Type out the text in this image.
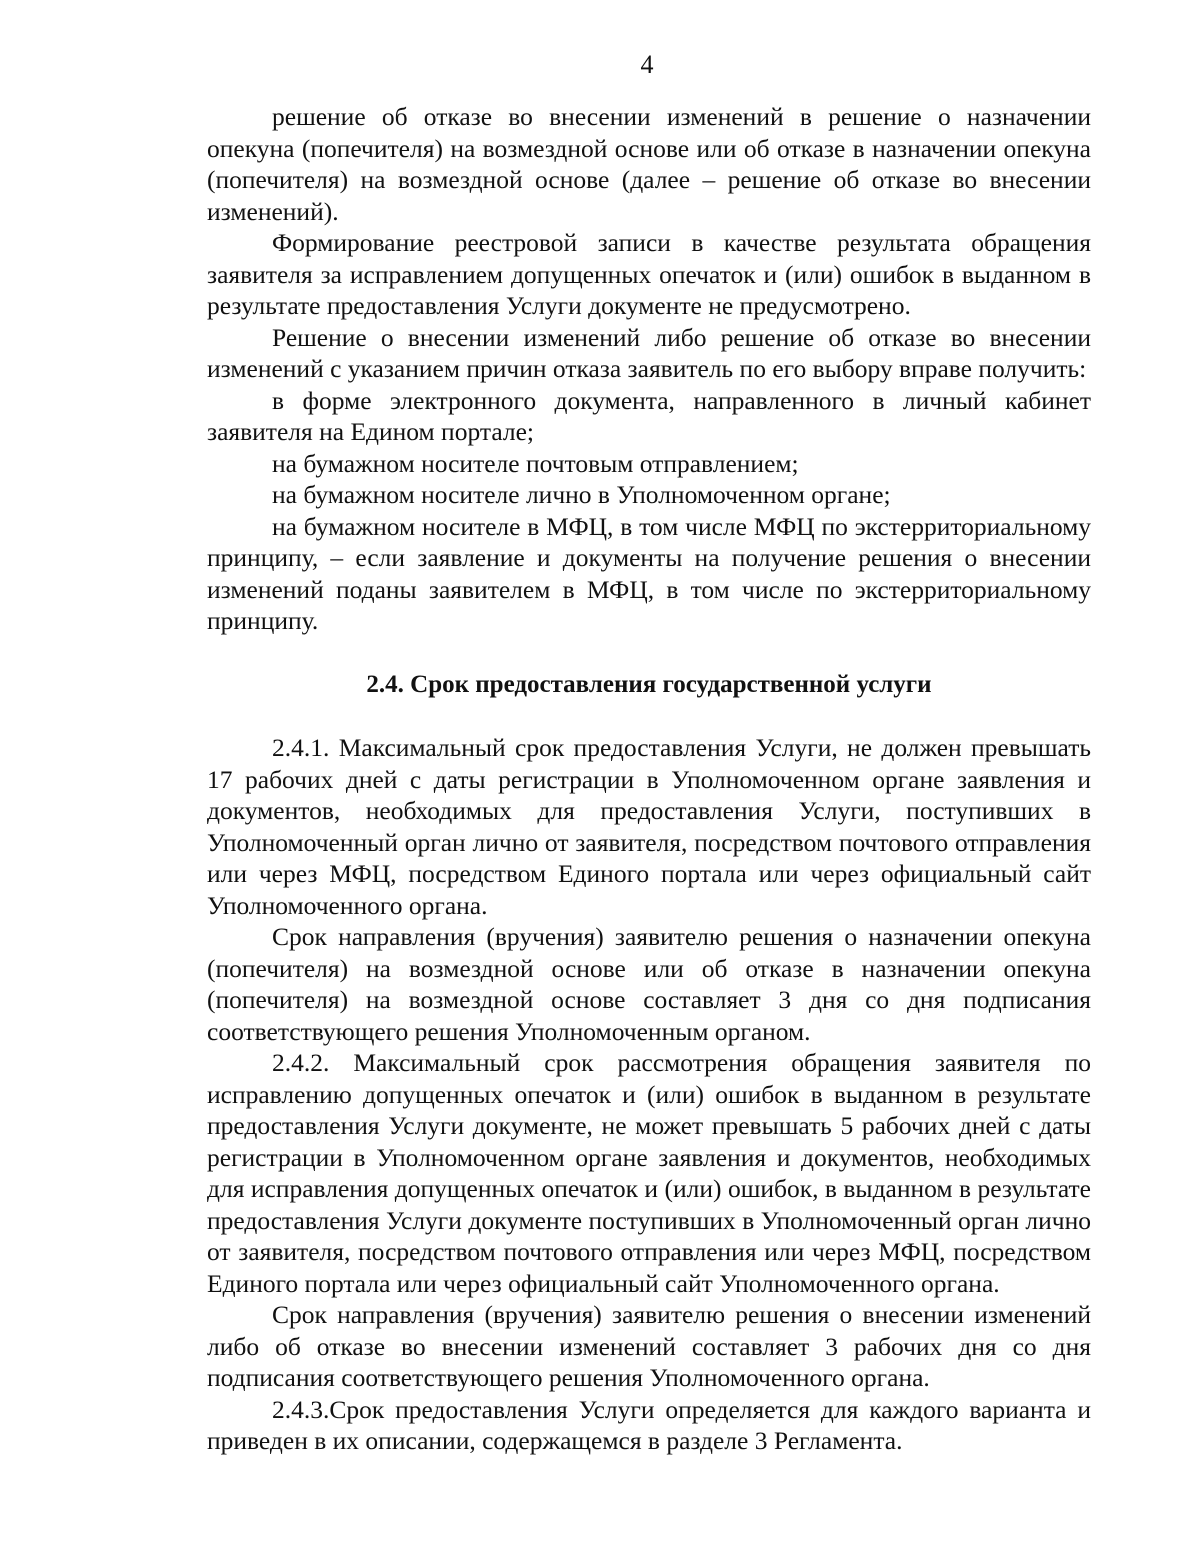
4

решение об отказе во внесении изменений в решение о назначении опекуна (попечителя) на возмездной основе или об отказе в назначении опекуна (попечителя) на возмездной основе (далее – решение об отказе во внесении изменений).

Формирование реестровой записи в качестве результата обращения заявителя за исправлением допущенных опечаток и (или) ошибок в выданном в результате предоставления Услуги документе не предусмотрено.

Решение о внесении изменений либо решение об отказе во внесении изменений с указанием причин отказа заявитель по его выбору вправе получить:

в форме электронного документа, направленного в личный кабинет заявителя на Едином портале;

на бумажном носителе почтовым отправлением;

на бумажном носителе лично в Уполномоченном органе;

на бумажном носителе в МФЦ, в том числе МФЦ по экстерриториальному принципу, – если заявление и документы на получение решения о внесении изменений поданы заявителем в МФЦ, в том числе по экстерриториальному принципу.

2.4. Срок предоставления государственной услуги

2.4.1. Максимальный срок предоставления Услуги, не должен превышать 17 рабочих дней с даты регистрации в Уполномоченном органе заявления и документов, необходимых для предоставления Услуги, поступивших в Уполномоченный орган лично от заявителя, посредством почтового отправления или через МФЦ, посредством Единого портала или через официальный сайт Уполномоченного органа.

Срок направления (вручения) заявителю решения о назначении опекуна (попечителя) на возмездной основе или об отказе в назначении опекуна (попечителя) на возмездной основе составляет 3 дня со дня подписания соответствующего решения Уполномоченным органом.

2.4.2. Максимальный срок рассмотрения обращения заявителя по исправлению допущенных опечаток и (или) ошибок в выданном в результате предоставления Услуги документе, не может превышать 5 рабочих дней с даты регистрации в Уполномоченном органе заявления и документов, необходимых для исправления допущенных опечаток и (или) ошибок, в выданном в результате предоставления Услуги документе поступивших в Уполномоченный орган лично от заявителя, посредством почтового отправления или через МФЦ, посредством Единого портала или через официальный сайт Уполномоченного органа.

Срок направления (вручения) заявителю решения о внесении изменений либо об отказе во внесении изменений составляет 3 рабочих дня со дня подписания соответствующего решения Уполномоченного органа.

2.4.3.Срок предоставления Услуги определяется для каждого варианта и приведен в их описании, содержащемся в разделе 3 Регламента.
